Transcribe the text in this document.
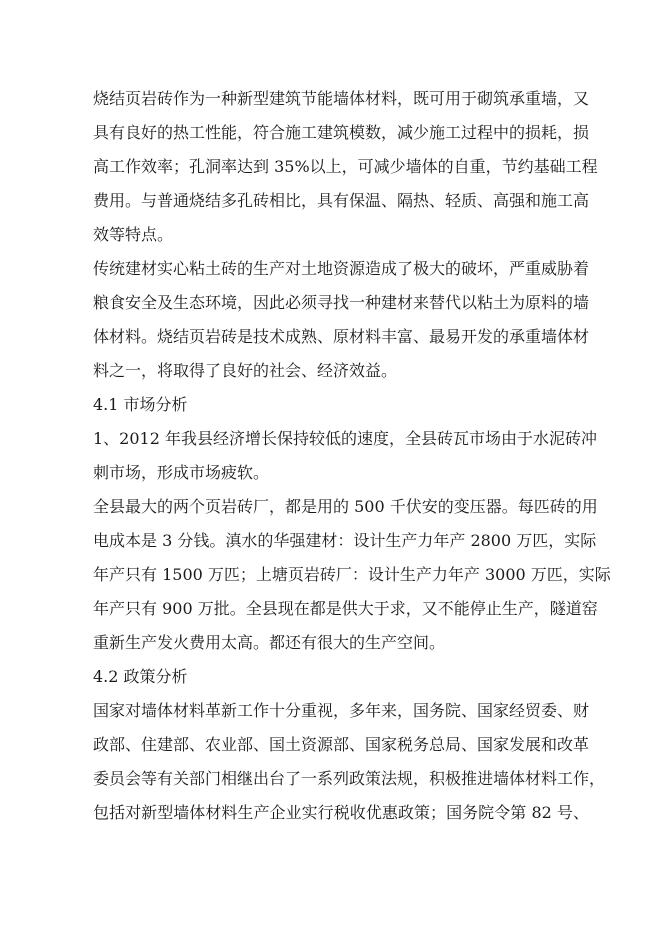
烧结页岩砖作为一种新型建筑节能墙体材料，既可用于砌筑承重墙，又
具有良好的热工性能，符合施工建筑模数，减少施工过程中的损耗，损
高工作效率；孔洞率达到 35%以上，可减少墙体的自重，节约基础工程
费用。与普通烧结多孔砖相比，具有保温、隔热、轻质、高强和施工高
效等特点。
传统建材实心粘土砖的生产对土地资源造成了极大的破坏，严重威胁着
粮食安全及生态环境，因此必须寻找一种建材来替代以粘土为原料的墙
体材料。烧结页岩砖是技术成熟、原材料丰富、最易开发的承重墙体材
料之一，将取得了良好的社会、经济效益。
4.1 市场分析
1、2012 年我县经济增长保持较低的速度，全县砖瓦市场由于水泥砖冲
刺市场，形成市场疲软。
全县最大的两个页岩砖厂，都是用的 500 千伏安的变压器。每匹砖的用
电成本是 3 分钱。滇水的华强建材：设计生产力年产 2800 万匹，实际
年产只有 1500 万匹；上塘页岩砖厂：设计生产力年产 3000 万匹，实际
年产只有 900 万批。全县现在都是供大于求，又不能停止生产，隧道窑
重新生产发火费用太高。都还有很大的生产空间。
4.2 政策分析
国家对墙体材料革新工作十分重视，多年来，国务院、国家经贸委、财
政部、住建部、农业部、国土资源部、国家税务总局、国家发展和改革
委员会等有关部门相继出台了一系列政策法规，积极推进墙体材料工作，
包括对新型墙体材料生产企业实行税收优惠政策；国务院令第 82 号、
